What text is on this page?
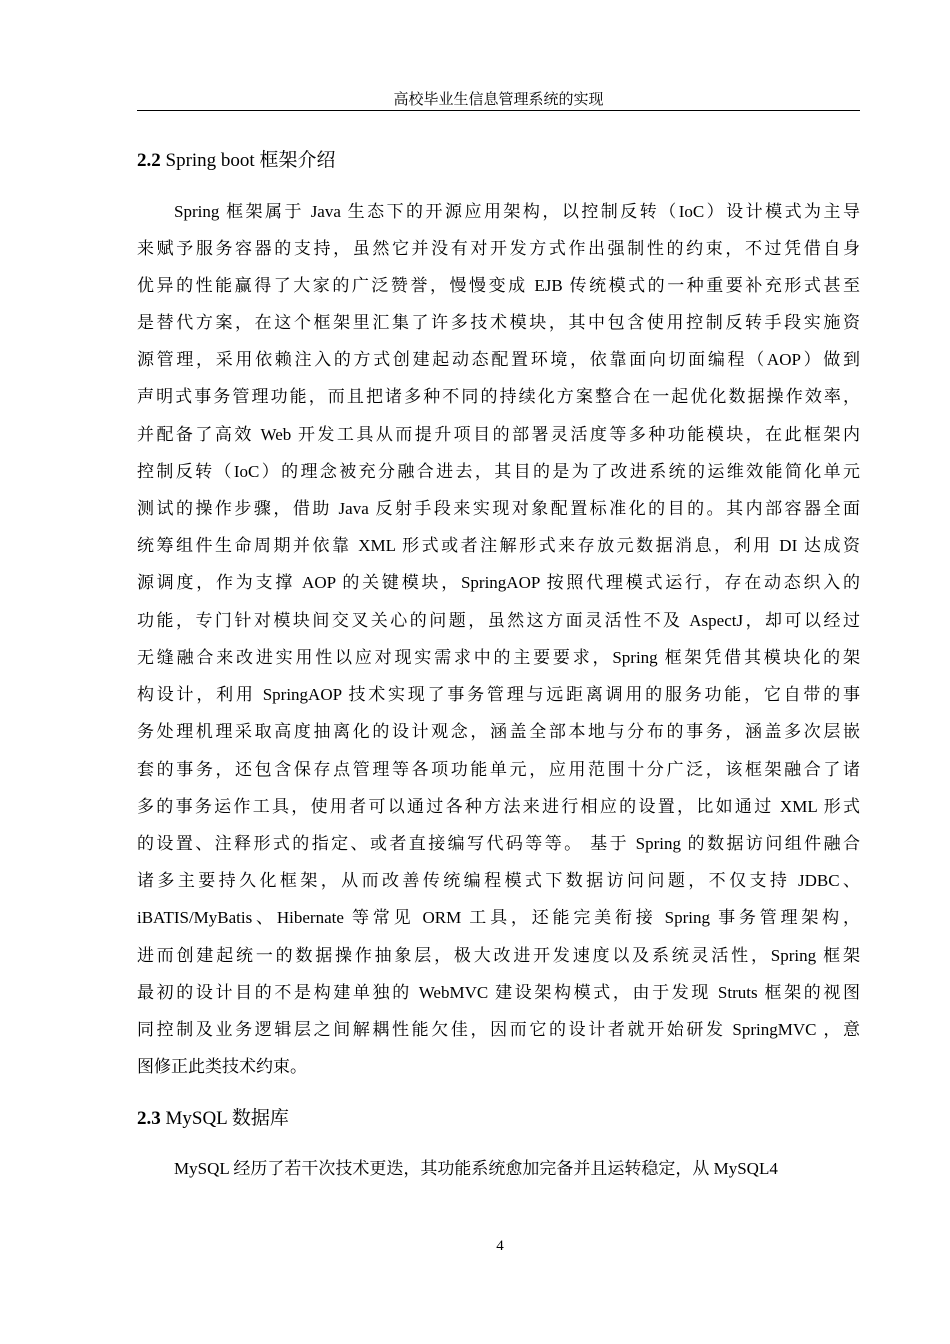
高校毕业生信息管理系统的实现
2.2 Spring boot 框架介绍
Spring 框架属于 Java 生态下的开源应用架构，以控制反转（IoC）设计模式为主导
来赋予服务容器的支持，虽然它并没有对开发方式作出强制性的约束，不过凭借自身
优异的性能赢得了大家的广泛赞誉，慢慢变成 EJB 传统模式的一种重要补充形式甚至
是替代方案，在这个框架里汇集了许多技术模块，其中包含使用控制反转手段实施资
源管理，采用依赖注入的方式创建起动态配置环境，依靠面向切面编程（AOP）做到
声明式事务管理功能，而且把诸多种不同的持续化方案整合在一起优化数据操作效率，
并配备了高效 Web 开发工具从而提升项目的部署灵活度等多种功能模块，在此框架内
控制反转（IoC）的理念被充分融合进去，其目的是为了改进系统的运维效能简化单元
测试的操作步骤，借助 Java 反射手段来实现对象配置标准化的目的。其内部容器全面
统筹组件生命周期并依靠 XML 形式或者注解形式来存放元数据消息，利用 DI 达成资
源调度，作为支撑 AOP 的关键模块，SpringAOP 按照代理模式运行，存在动态织入的
功能，专门针对模块间交叉关心的问题，虽然这方面灵活性不及 AspectJ，却可以经过
无缝融合来改进实用性以应对现实需求中的主要要求，Spring 框架凭借其模块化的架
构设计，利用 SpringAOP 技术实现了事务管理与远距离调用的服务功能，它自带的事
务处理机理采取高度抽离化的设计观念，涵盖全部本地与分布的事务，涵盖多次层嵌
套的事务，还包含保存点管理等各项功能单元，应用范围十分广泛，该框架融合了诸
多的事务运作工具，使用者可以通过各种方法来进行相应的设置，比如通过 XML 形式
的设置、注释形式的指定、或者直接编写代码等等。 基于 Spring 的数据访问组件融合
诸多主要持久化框架，从而改善传统编程模式下数据访问问题，不仅支持 JDBC、
iBATIS/MyBatis、Hibernate 等常见 ORM 工具，还能完美衔接 Spring 事务管理架构，
进而创建起统一的数据操作抽象层，极大改进开发速度以及系统灵活性，Spring 框架
最初的设计目的不是构建单独的 WebMVC 建设架构模式，由于发现 Struts 框架的视图
同控制及业务逻辑层之间解耦性能欠佳，因而它的设计者就开始研发 SpringMVC ，意
图修正此类技术约束。
2.3 MySQL 数据库
MySQL 经历了若干次技术更迭，其功能系统愈加完备并且运转稳定，从 MySQL4
4
